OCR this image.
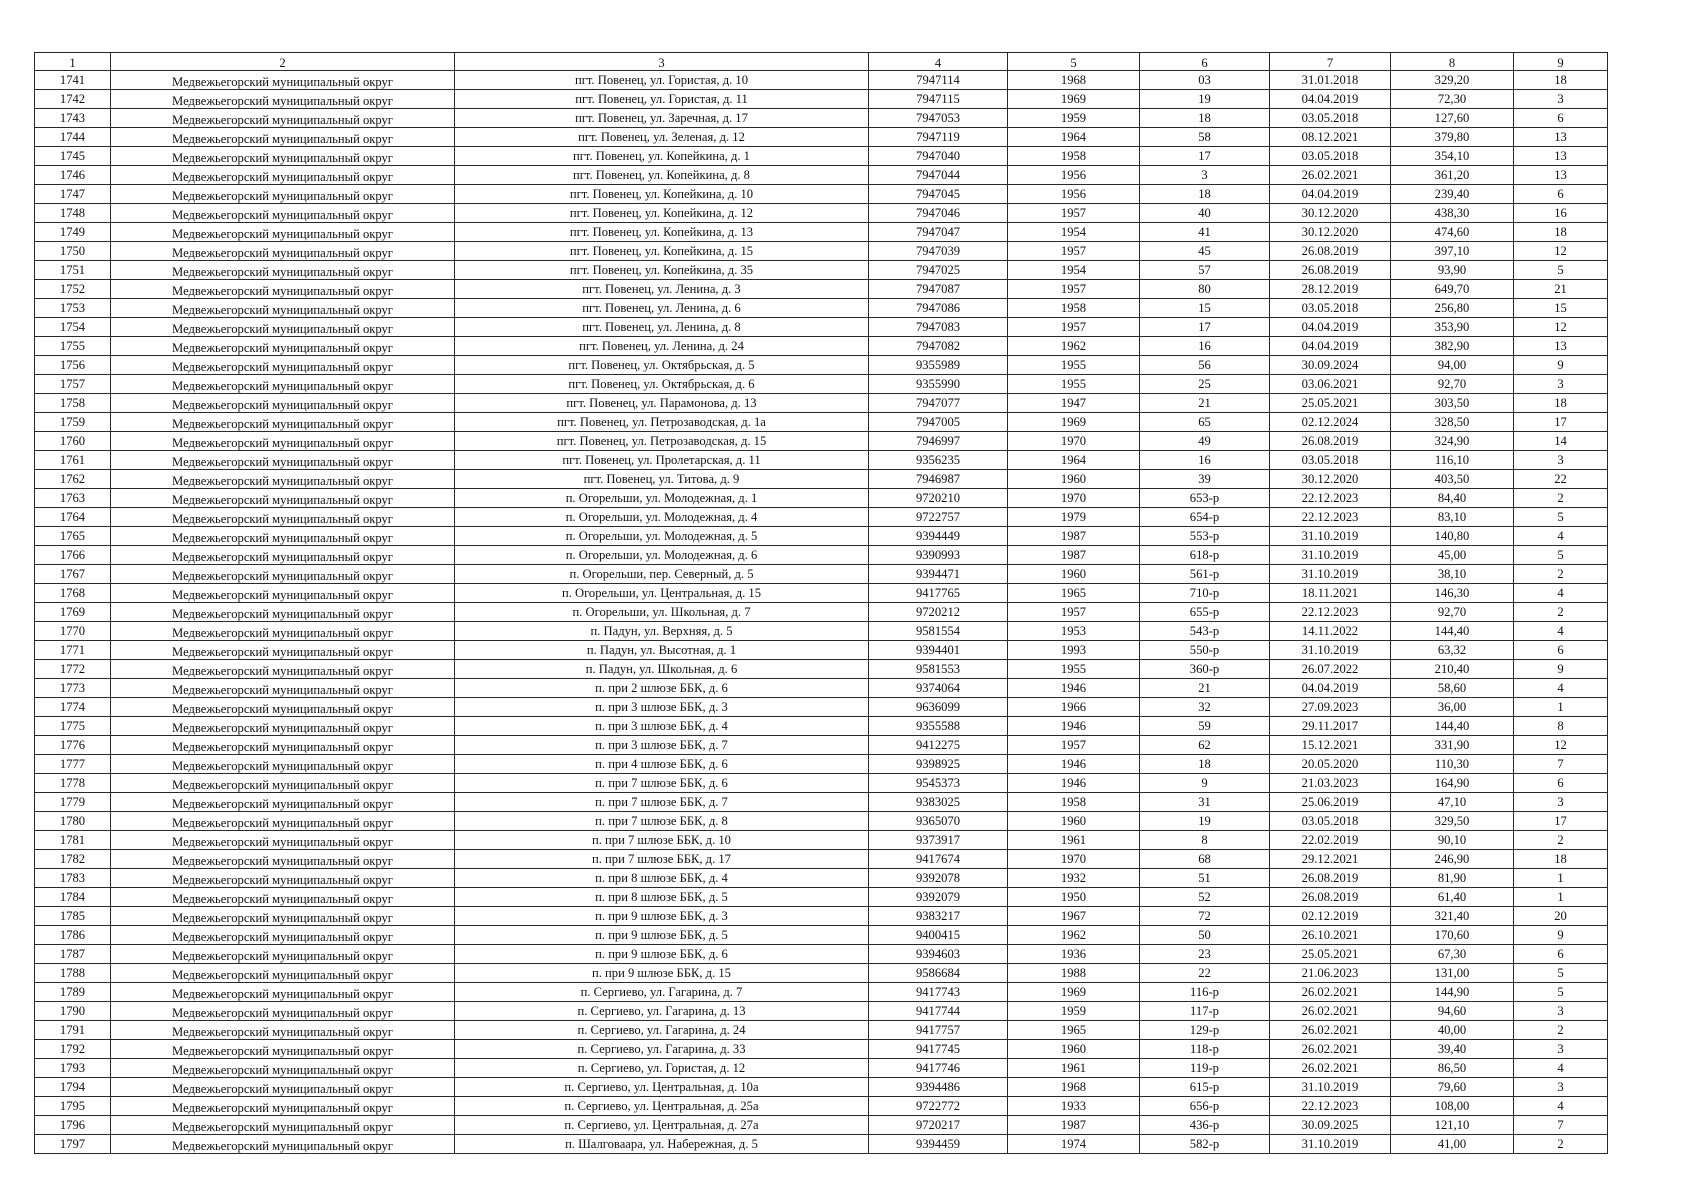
1	2	3	4	5	6	7	8	9
1741	Медвежьегорский муниципальный округ	пгт. Повенец, ул. Гористая, д. 10	7947114	1968	03	31.01.2018	329,20	18
1742	Медвежьегорский муниципальный округ	пгт. Повенец, ул. Гористая, д. 11	7947115	1969	19	04.04.2019	72,30	3
1743	Медвежьегорский муниципальный округ	пгт. Повенец, ул. Заречная, д. 17	7947053	1959	18	03.05.2018	127,60	6
1744	Медвежьегорский муниципальный округ	пгт. Повенец, ул. Зеленая, д. 12	7947119	1964	58	08.12.2021	379,80	13
1745	Медвежьегорский муниципальный округ	пгт. Повенец, ул. Копейкина, д. 1	7947040	1958	17	03.05.2018	354,10	13
1746	Медвежьегорский муниципальный округ	пгт. Повенец, ул. Копейкина, д. 8	7947044	1956	3	26.02.2021	361,20	13
1747	Медвежьегорский муниципальный округ	пгт. Повенец, ул. Копейкина, д. 10	7947045	1956	18	04.04.2019	239,40	6
1748	Медвежьегорский муниципальный округ	пгт. Повенец, ул. Копейкина, д. 12	7947046	1957	40	30.12.2020	438,30	16
1749	Медвежьегорский муниципальный округ	пгт. Повенец, ул. Копейкина, д. 13	7947047	1954	41	30.12.2020	474,60	18
1750	Медвежьегорский муниципальный округ	пгт. Повенец, ул. Копейкина, д. 15	7947039	1957	45	26.08.2019	397,10	12
1751	Медвежьегорский муниципальный округ	пгт. Повенец, ул. Копейкина, д. 35	7947025	1954	57	26.08.2019	93,90	5
1752	Медвежьегорский муниципальный округ	пгт. Повенец, ул. Ленина, д. 3	7947087	1957	80	28.12.2019	649,70	21
1753	Медвежьегорский муниципальный округ	пгт. Повенец, ул. Ленина, д. 6	7947086	1958	15	03.05.2018	256,80	15
1754	Медвежьегорский муниципальный округ	пгт. Повенец, ул. Ленина, д. 8	7947083	1957	17	04.04.2019	353,90	12
1755	Медвежьегорский муниципальный округ	пгт. Повенец, ул. Ленина, д. 24	7947082	1962	16	04.04.2019	382,90	13
1756	Медвежьегорский муниципальный округ	пгт. Повенец, ул. Октябрьская, д. 5	9355989	1955	56	30.09.2024	94,00	9
1757	Медвежьегорский муниципальный округ	пгт. Повенец, ул. Октябрьская, д. 6	9355990	1955	25	03.06.2021	92,70	3
1758	Медвежьегорский муниципальный округ	пгт. Повенец, ул. Парамонова, д. 13	7947077	1947	21	25.05.2021	303,50	18
1759	Медвежьегорский муниципальный округ	пгт. Повенец, ул. Петрозаводская, д. 1а	7947005	1969	65	02.12.2024	328,50	17
1760	Медвежьегорский муниципальный округ	пгт. Повенец, ул. Петрозаводская, д. 15	7946997	1970	49	26.08.2019	324,90	14
1761	Медвежьегорский муниципальный округ	пгт. Повенец, ул. Пролетарская, д. 11	9356235	1964	16	03.05.2018	116,10	3
1762	Медвежьегорский муниципальный округ	пгт. Повенец, ул. Титова, д. 9	7946987	1960	39	30.12.2020	403,50	22
1763	Медвежьегорский муниципальный округ	п. Огорельши, ул. Молодежная, д. 1	9720210	1970	653-р	22.12.2023	84,40	2
1764	Медвежьегорский муниципальный округ	п. Огорельши, ул. Молодежная, д. 4	9722757	1979	654-р	22.12.2023	83,10	5
1765	Медвежьегорский муниципальный округ	п. Огорельши, ул. Молодежная, д. 5	9394449	1987	553-р	31.10.2019	140,80	4
1766	Медвежьегорский муниципальный округ	п. Огорельши, ул. Молодежная, д. 6	9390993	1987	618-р	31.10.2019	45,00	5
1767	Медвежьегорский муниципальный округ	п. Огорельши, пер. Северный, д. 5	9394471	1960	561-р	31.10.2019	38,10	2
1768	Медвежьегорский муниципальный округ	п. Огорельши, ул. Центральная, д. 15	9417765	1965	710-р	18.11.2021	146,30	4
1769	Медвежьегорский муниципальный округ	п. Огорельши, ул. Школьная, д. 7	9720212	1957	655-р	22.12.2023	92,70	2
1770	Медвежьегорский муниципальный округ	п. Падун, ул. Верхняя, д. 5	9581554	1953	543-р	14.11.2022	144,40	4
1771	Медвежьегорский муниципальный округ	п. Падун, ул. Высотная, д. 1	9394401	1993	550-р	31.10.2019	63,32	6
1772	Медвежьегорский муниципальный округ	п. Падун, ул. Школьная, д. 6	9581553	1955	360-р	26.07.2022	210,40	9
1773	Медвежьегорский муниципальный округ	п. при 2 шлюзе ББК, д. 6	9374064	1946	21	04.04.2019	58,60	4
1774	Медвежьегорский муниципальный округ	п. при 3 шлюзе ББК, д. 3	9636099	1966	32	27.09.2023	36,00	1
1775	Медвежьегорский муниципальный округ	п. при 3 шлюзе ББК, д. 4	9355588	1946	59	29.11.2017	144,40	8
1776	Медвежьегорский муниципальный округ	п. при 3 шлюзе ББК, д. 7	9412275	1957	62	15.12.2021	331,90	12
1777	Медвежьегорский муниципальный округ	п. при 4 шлюзе ББК, д. 6	9398925	1946	18	20.05.2020	110,30	7
1778	Медвежьегорский муниципальный округ	п. при 7 шлюзе ББК, д. 6	9545373	1946	9	21.03.2023	164,90	6
1779	Медвежьегорский муниципальный округ	п. при 7 шлюзе ББК, д. 7	9383025	1958	31	25.06.2019	47,10	3
1780	Медвежьегорский муниципальный округ	п. при 7 шлюзе ББК, д. 8	9365070	1960	19	03.05.2018	329,50	17
1781	Медвежьегорский муниципальный округ	п. при 7 шлюзе ББК, д. 10	9373917	1961	8	22.02.2019	90,10	2
1782	Медвежьегорский муниципальный округ	п. при 7 шлюзе ББК, д. 17	9417674	1970	68	29.12.2021	246,90	18
1783	Медвежьегорский муниципальный округ	п. при 8 шлюзе ББК, д. 4	9392078	1932	51	26.08.2019	81,90	1
1784	Медвежьегорский муниципальный округ	п. при 8 шлюзе ББК, д. 5	9392079	1950	52	26.08.2019	61,40	1
1785	Медвежьегорский муниципальный округ	п. при 9 шлюзе ББК, д. 3	9383217	1967	72	02.12.2019	321,40	20
1786	Медвежьегорский муниципальный округ	п. при 9 шлюзе ББК, д. 5	9400415	1962	50	26.10.2021	170,60	9
1787	Медвежьегорский муниципальный округ	п. при 9 шлюзе ББК, д. 6	9394603	1936	23	25.05.2021	67,30	6
1788	Медвежьегорский муниципальный округ	п. при 9 шлюзе ББК, д. 15	9586684	1988	22	21.06.2023	131,00	5
1789	Медвежьегорский муниципальный округ	п. Сергиево, ул. Гагарина, д. 7	9417743	1969	116-р	26.02.2021	144,90	5
1790	Медвежьегорский муниципальный округ	п. Сергиево, ул. Гагарина, д. 13	9417744	1959	117-р	26.02.2021	94,60	3
1791	Медвежьегорский муниципальный округ	п. Сергиево, ул. Гагарина, д. 24	9417757	1965	129-р	26.02.2021	40,00	2
1792	Медвежьегорский муниципальный округ	п. Сергиево, ул. Гагарина, д. 33	9417745	1960	118-р	26.02.2021	39,40	3
1793	Медвежьегорский муниципальный округ	п. Сергиево, ул. Гористая, д. 12	9417746	1961	119-р	26.02.2021	86,50	4
1794	Медвежьегорский муниципальный округ	п. Сергиево, ул. Центральная, д. 10а	9394486	1968	615-р	31.10.2019	79,60	3
1795	Медвежьегорский муниципальный округ	п. Сергиево, ул. Центральная, д. 25а	9722772	1933	656-р	22.12.2023	108,00	4
1796	Медвежьегорский муниципальный округ	п. Сергиево, ул. Центральная, д. 27а	9720217	1987	436-р	30.09.2025	121,10	7
1797	Медвежьегорский муниципальный округ	п. Шалговаара, ул. Набережная, д. 5	9394459	1974	582-р	31.10.2019	41,00	2
